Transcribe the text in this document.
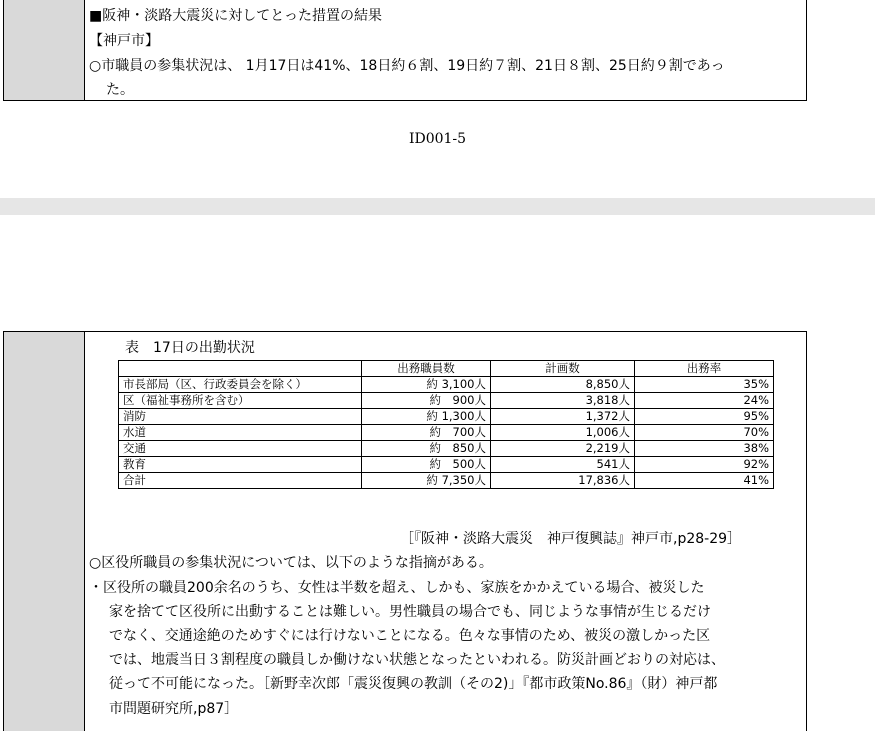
■阪神・淡路大震災に対してとった措置の結果
【神戸市】
○市職員の参集状況は、 1月17日は41%、18日約６割、19日約７割、21日８割、25日約９割であっ
た。
ID001-5
表　17日の出勤状況
	出務職員数	計画数	出務率
市長部局（区、行政委員会を除く）	約 3,100人	8,850人	35%
区（福祉事務所を含む）	約　900人	3,818人	24%
消防	約 1,300人	1,372人	95%
水道	約　700人	1,006人	70%
交通	約　850人	2,219人	38%
教育	約　500人	541人	92%
合計	約 7,350人	17,836人	41%
［『阪神・淡路大震災　神戸復興誌』神戸市,p28-29］
○区役所職員の参集状況については、以下のような指摘がある。
・区役所の職員200余名のうち、女性は半数を超え、しかも、家族をかかえている場合、被災した
家を捨てて区役所に出動することは難しい。男性職員の場合でも、同じような事情が生じるだけ
でなく、交通途絶のためすぐには行けないことになる。色々な事情のため、被災の激しかった区
では、地震当日３割程度の職員しか働けない状態となったといわれる。防災計画どおりの対応は、
従って不可能になった。［新野幸次郎「震災復興の教訓（その2)」『都市政策No.86』（財）神戸都
市問題研究所,p87］
